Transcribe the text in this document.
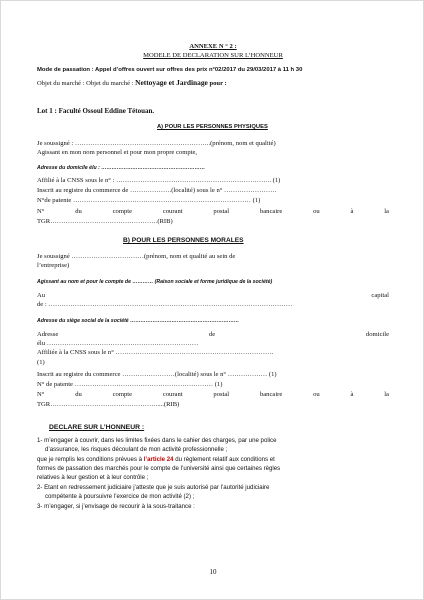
ANNEXE N ° 2 :
MODELE DE DECLARATION SUR L’HONNEUR
Mode de passation : Appel d’offres ouvert sur offres des prix n°02/2017 du 29/03/2017 à 11 h 30
Objet du marché : Objet du marché : Nettoyage et Jardinage pour :
Lot 1 : Faculté Ossoul Eddine Tétouan.
A) POUR LES PERSONNES PHYSIQUES
Je soussigné : ……………………………………………………..(prénom, nom et qualité)
Agissant en mon nom personnel et pour mon propre compte,
Adresse du domicile élu : ……………………………………………………
Affilié à la CNSS sous le n° : …………………………………………………………….. (1)
Inscrit au registre du commerce de ……………….(localité) sous le n° ……………………
N°de patente ……………………………………………………………………… (1)
N°	du	compte	courant	postal	bancaire	ou	à	la
TGR………………………………………….(RIB)
B) POUR LES PERSONNES MORALES
Je soussigné ……………………………(prénom, nom et qualité au sein de
l’entreprise)
Agissant au nom et pour le compte de ………… (Raison sociale et forme juridique de la société)
Au	capital
de : …………………………………………………………………………………………………
Adresse du siège social de la société ………………………………………………………
Adresse	de	domicile
élu ……………………………………………………………
Affiliée à la CNSS sous le n° ………………………………………………………………
(1)
Inscrit au registre du commerce ……………………(localité) sous le n° ……………… (1)
N° de patente ……………………………………………………… (1)
N°	du	compte	courant	postal	bancaire	ou	à	la
TGR………………………………………….....(RIB)
DECLARE SUR L’HONNEUR :
1- m’engager à couvrir, dans les limites fixées dans le cahier des charges, par une police
d’assurance, les risques découlant de mon activité professionnelle ;
que je remplis les conditions prévues à l’article 24 du règlement relatif aux conditions et
formes de passation des marchés pour le compte de l’université ainsi que certaines règles
relatives à leur gestion et à leur contrôle ;
2- Etant en redressement judiciaire j’atteste que je suis autorisé par l’autorité judiciaire
compétente à poursuivre l’exercice de mon activité (2) ;
3- m’engager, si j’envisage de recourir à la sous-traitance :
10
